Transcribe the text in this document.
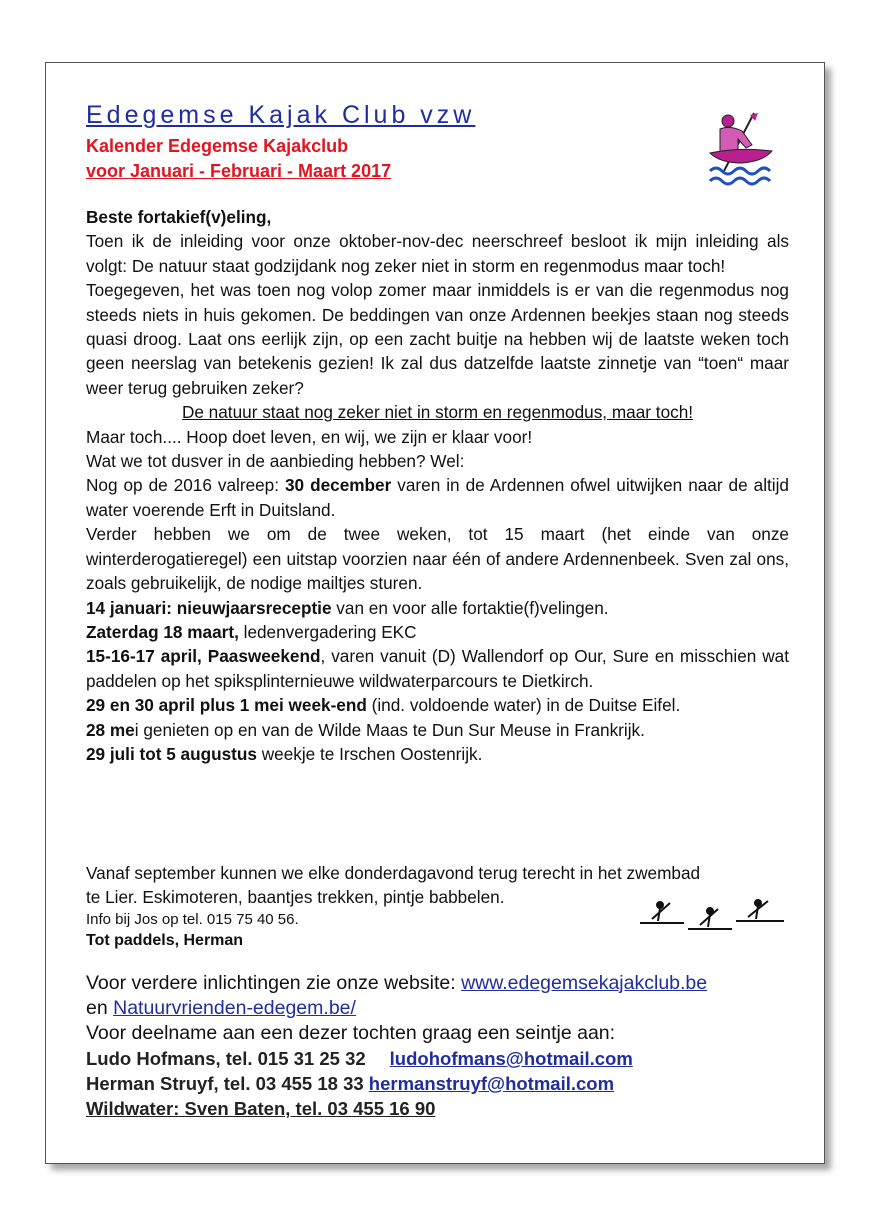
Edegemse Kajak Club vzw
Kalender Edegemse Kajakclub
voor Januari - Februari - Maart 2017

Beste fortakief(v)eling,

Toen ik de inleiding voor onze oktober-nov-dec neerschreef besloot ik mijn inleiding als volgt: De natuur staat godzijdank nog zeker niet in storm en regenmodus maar toch!

Toegegeven, het was toen nog volop zomer maar inmiddels is er van die regenmodus nog steeds niets in huis gekomen. De beddingen van onze Ardennen beekjes staan nog steeds quasi droog. Laat ons eerlijk zijn, op een zacht buitje na hebben wij de laatste weken toch geen neerslag van betekenis gezien! Ik zal dus datzelfde laatste zinnetje van “toen“ maar weer terug gebruiken zeker?

De natuur staat nog zeker niet in storm en regenmodus, maar toch!

Maar toch.... Hoop doet leven, en wij, we zijn er klaar voor!

Wat we tot dusver in de aanbieding hebben? Wel:

Nog op de 2016 valreep: 30 december varen in de Ardennen ofwel uitwijken naar de altijd water voerende Erft in Duitsland.

Verder hebben we om de twee weken, tot 15 maart (het einde van onze winterderogatieregel) een uitstap voorzien naar één of andere Ardennenbeek. Sven zal ons, zoals gebruikelijk, de nodige mailtjes sturen.

14 januari: nieuwjaarsreceptie van en voor alle fortaktie(f)velingen.

Zaterdag 18 maart, ledenvergadering EKC

15-16-17 april, Paasweekend, varen vanuit (D) Wallendorf op Our, Sure en misschien wat paddelen op het spiksplinternieuwe wildwaterparcours te Dietkirch.

29 en 30 april plus 1 mei week-end (ind. voldoende water) in de Duitse Eifel.

28 mei genieten op en van de Wilde Maas te Dun Sur Meuse in Frankrijk.

29 juli tot 5 augustus weekje te Irschen Oostenrijk.

Vanaf september kunnen we elke donderdagavond terug terecht in het zwembad

te Lier. Eskimoteren, baantjes trekken, pintje babbelen.

Info bij Jos op tel. 015 75 40 56.

Tot paddels, Herman

Voor verdere inlichtingen zie onze website: www.edegemsekajakclub.be

en Natuurvrienden-edegem.be/

Voor deelname aan een dezer tochten graag een seintje aan:

Ludo Hofmans, tel. 015 31 25 32 ludohofmans@hotmail.com

Herman Struyf, tel. 03 455 18 33 hermanstruyf@hotmail.com

Wildwater: Sven Baten, tel. 03 455 16 90
